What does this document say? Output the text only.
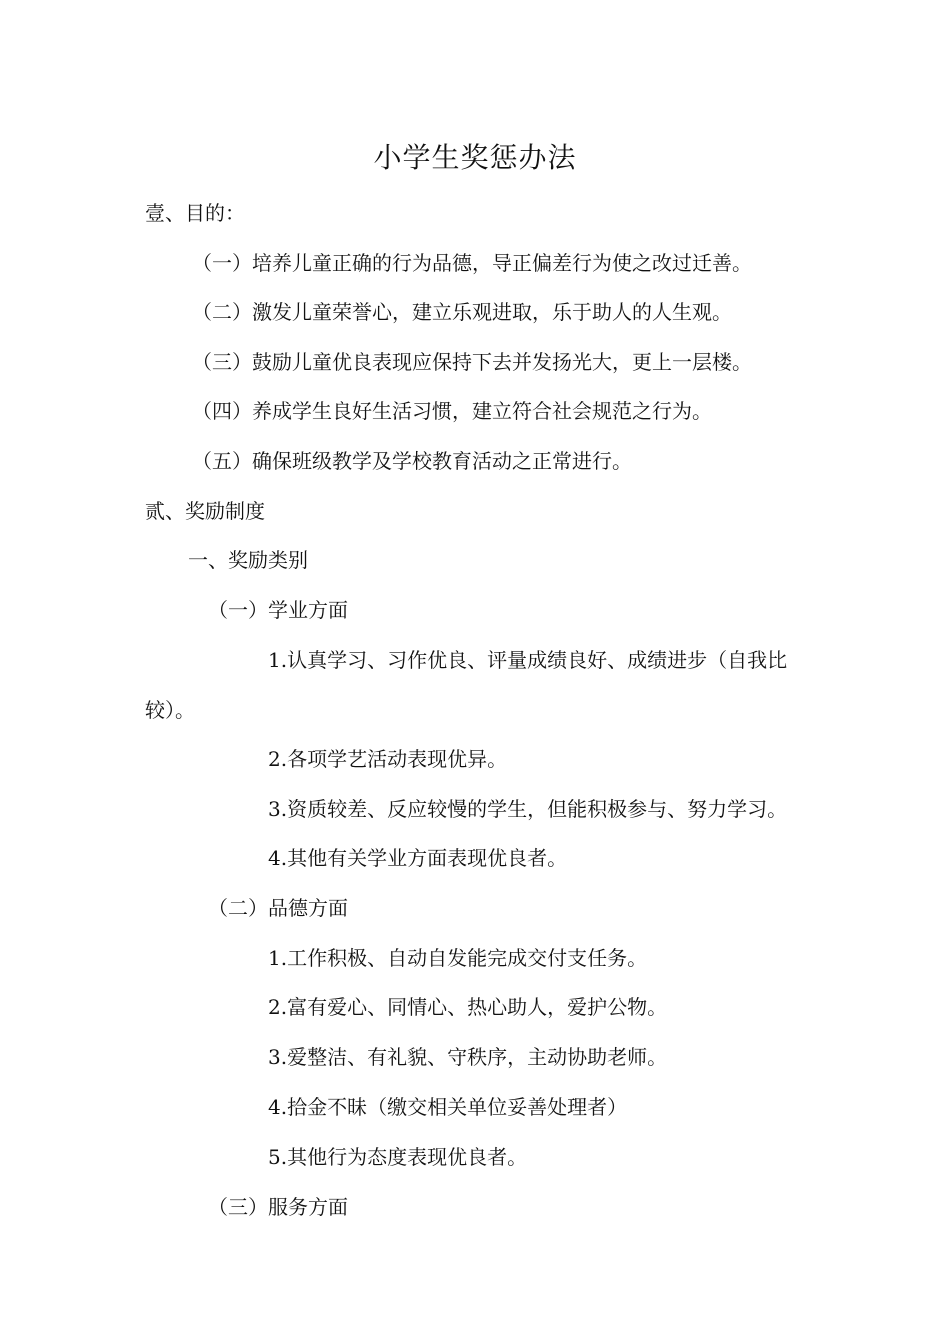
小学生奖惩办法
壹、目的：
（一）培养儿童正确的行为品德，导正偏差行为使之改过迁善。
（二）激发儿童荣誉心，建立乐观进取，乐于助人的人生观。
（三）鼓励儿童优良表现应保持下去并发扬光大，更上一层楼。
（四）养成学生良好生活习惯，建立符合社会规范之行为。
（五）确保班级教学及学校教育活动之正常进行。
贰、奖励制度
一、奖励类别
（一）学业方面
1.认真学习、习作优良、评量成绩良好、成绩进步（自我比
较）。
2.各项学艺活动表现优异。
3.资质较差、反应较慢的学生，但能积极参与、努力学习。
4.其他有关学业方面表现优良者。
（二）品德方面
1.工作积极、自动自发能完成交付支任务。
2.富有爱心、同情心、热心助人，爱护公物。
3.爱整洁、有礼貌、守秩序，主动协助老师。
4.拾金不昧（缴交相关单位妥善处理者）
5.其他行为态度表现优良者。
（三）服务方面
